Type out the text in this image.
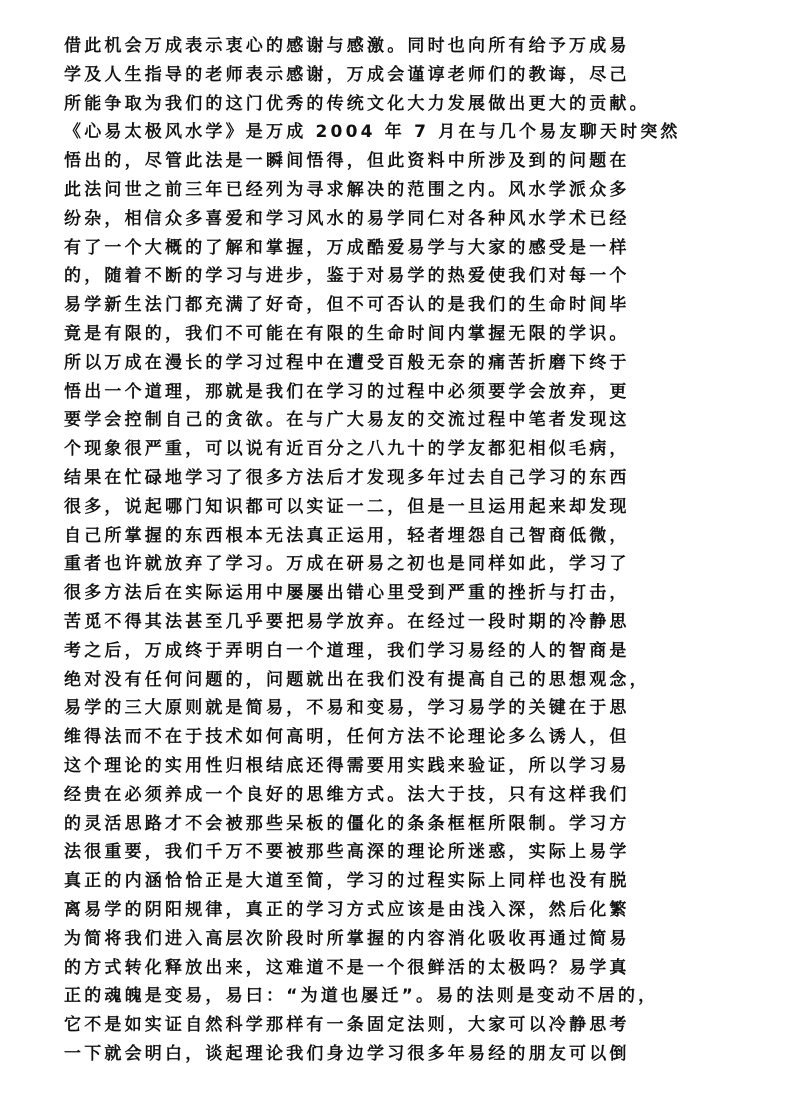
借此机会万成表示衷心的感谢与感激。同时也向所有给予万成易
学及人生指导的老师表示感谢，万成会谨谆老师们的教诲，尽己
所能争取为我们的这门优秀的传统文化大力发展做出更大的贡献。
《心易太极风水学》是万成 2004 年 7 月在与几个易友聊天时突然
悟出的，尽管此法是一瞬间悟得，但此资料中所涉及到的问题在
此法问世之前三年已经列为寻求解决的范围之内。风水学派众多
纷杂，相信众多喜爱和学习风水的易学同仁对各种风水学术已经
有了一个大概的了解和掌握，万成酷爱易学与大家的感受是一样
的，随着不断的学习与进步，鉴于对易学的热爱使我们对每一个
易学新生法门都充满了好奇，但不可否认的是我们的生命时间毕
竟是有限的，我们不可能在有限的生命时间内掌握无限的学识。
所以万成在漫长的学习过程中在遭受百般无奈的痛苦折磨下终于
悟出一个道理，那就是我们在学习的过程中必须要学会放弃，更
要学会控制自己的贪欲。在与广大易友的交流过程中笔者发现这
个现象很严重，可以说有近百分之八九十的学友都犯相似毛病，
结果在忙碌地学习了很多方法后才发现多年过去自己学习的东西
很多，说起哪门知识都可以实证一二，但是一旦运用起来却发现
自己所掌握的东西根本无法真正运用，轻者埋怨自己智商低微，
重者也许就放弃了学习。万成在研易之初也是同样如此，学习了
很多方法后在实际运用中屡屡出错心里受到严重的挫折与打击，
苦觅不得其法甚至几乎要把易学放弃。在经过一段时期的冷静思
考之后，万成终于弄明白一个道理，我们学习易经的人的智商是
绝对没有任何问题的，问题就出在我们没有提高自己的思想观念，
易学的三大原则就是简易，不易和变易，学习易学的关键在于思
维得法而不在于技术如何高明，任何方法不论理论多么诱人，但
这个理论的实用性归根结底还得需要用实践来验证，所以学习易
经贵在必须养成一个良好的思维方式。法大于技，只有这样我们
的灵活思路才不会被那些呆板的僵化的条条框框所限制。学习方
法很重要，我们千万不要被那些高深的理论所迷惑，实际上易学
真正的内涵恰恰正是大道至简，学习的过程实际上同样也没有脱
离易学的阴阳规律，真正的学习方式应该是由浅入深，然后化繁
为简将我们进入高层次阶段时所掌握的内容消化吸收再通过简易
的方式转化释放出来，这难道不是一个很鲜活的太极吗？易学真
正的魂魄是变易，易曰：“为道也屡迁”。易的法则是变动不居的，
它不是如实证自然科学那样有一条固定法则，大家可以冷静思考
一下就会明白，谈起理论我们身边学习很多年易经的朋友可以倒
